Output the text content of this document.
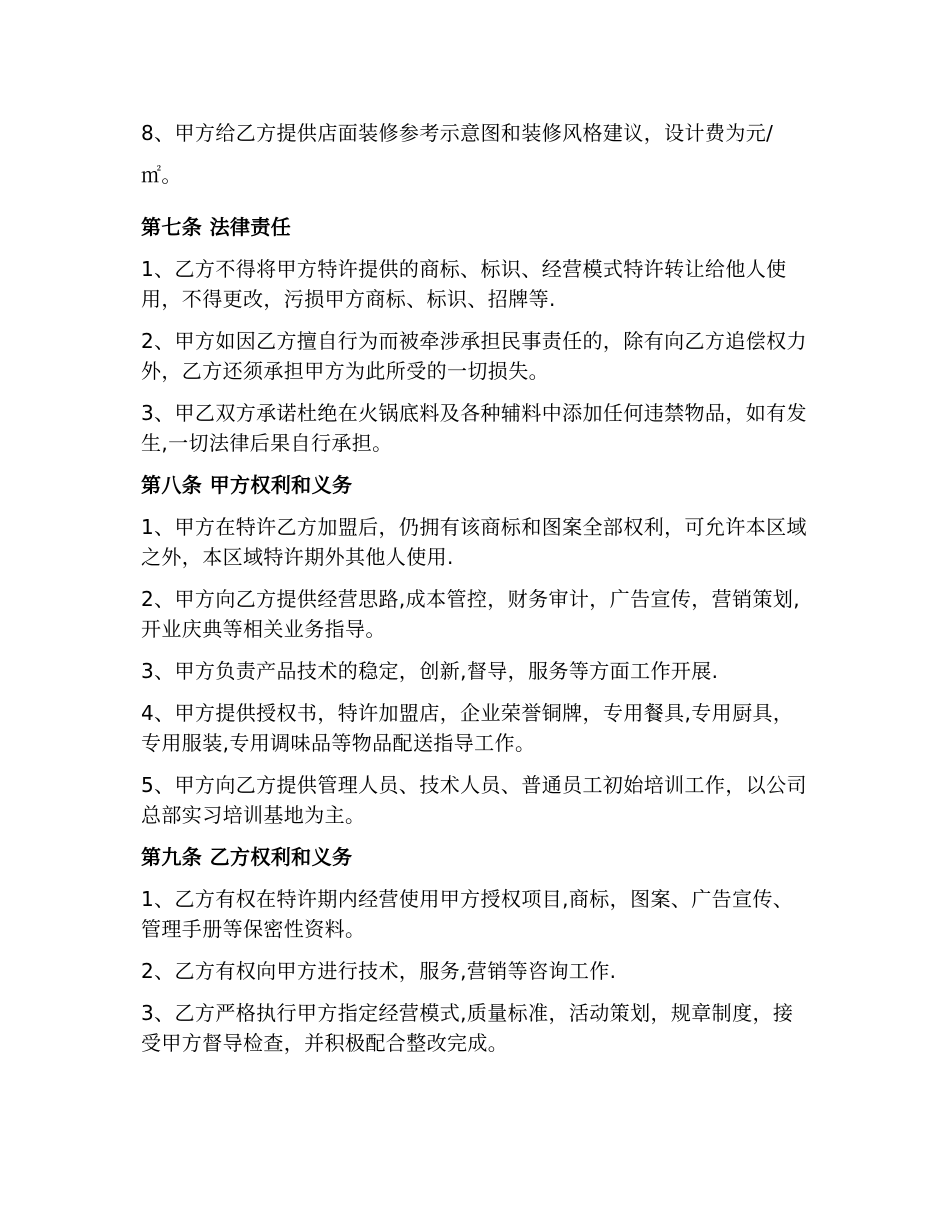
8、甲方给乙方提供店面装修参考示意图和装修风格建议，设计费为元/㎡。

第七条 法律责任

1、乙方不得将甲方特许提供的商标、标识、经营模式特许转让给他人使用，不得更改，污损甲方商标、标识、招牌等.

2、甲方如因乙方擅自行为而被牵涉承担民事责任的，除有向乙方追偿权力外，乙方还须承担甲方为此所受的一切损失。

3、甲乙双方承诺杜绝在火锅底料及各种辅料中添加任何违禁物品，如有发生,一切法律后果自行承担。

第八条 甲方权利和义务

1、甲方在特许乙方加盟后，仍拥有该商标和图案全部权利，可允许本区域之外，本区域特许期外其他人使用.

2、甲方向乙方提供经营思路,成本管控，财务审计，广告宣传，营销策划,开业庆典等相关业务指导。

3、甲方负责产品技术的稳定，创新,督导，服务等方面工作开展.

4、甲方提供授权书，特许加盟店，企业荣誉铜牌，专用餐具,专用厨具，专用服装,专用调味品等物品配送指导工作。

5、甲方向乙方提供管理人员、技术人员、普通员工初始培训工作，以公司总部实习培训基地为主。

第九条 乙方权利和义务

1、乙方有权在特许期内经营使用甲方授权项目,商标，图案、广告宣传、管理手册等保密性资料。

2、乙方有权向甲方进行技术，服务,营销等咨询工作.

3、乙方严格执行甲方指定经营模式,质量标准，活动策划，规章制度，接受甲方督导检查，并积极配合整改完成。
